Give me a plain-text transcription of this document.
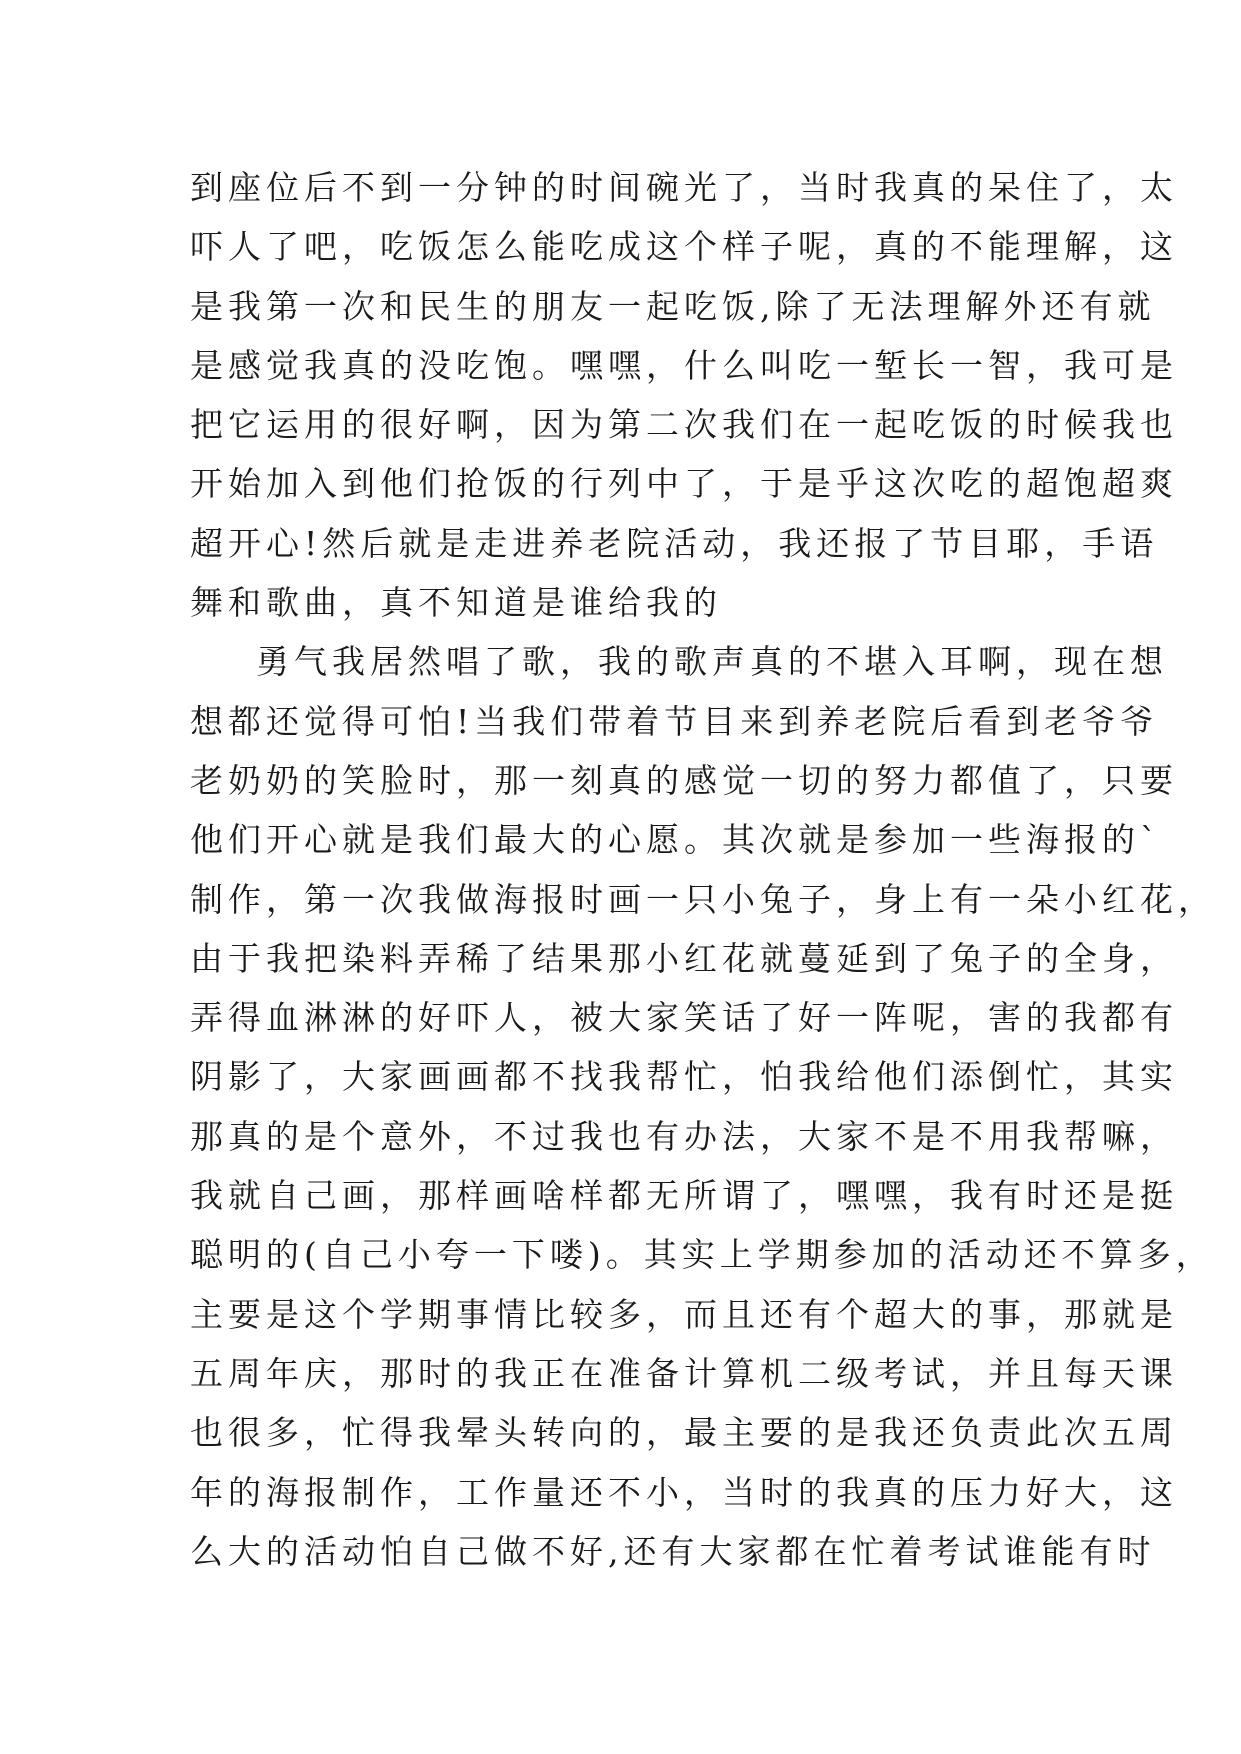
到座位后不到一分钟的时间碗光了，当时我真的呆住了，太
吓人了吧，吃饭怎么能吃成这个样子呢，真的不能理解，这
是我第一次和民生的朋友一起吃饭,除了无法理解外还有就
是感觉我真的没吃饱。嘿嘿，什么叫吃一堑长一智，我可是
把它运用的很好啊，因为第二次我们在一起吃饭的时候我也
开始加入到他们抢饭的行列中了，于是乎这次吃的超饱超爽
超开心!然后就是走进养老院活动，我还报了节目耶，手语
舞和歌曲，真不知道是谁给我的
勇气我居然唱了歌，我的歌声真的不堪入耳啊，现在想
想都还觉得可怕!当我们带着节目来到养老院后看到老爷爷
老奶奶的笑脸时，那一刻真的感觉一切的努力都值了，只要
他们开心就是我们最大的心愿。其次就是参加一些海报的`
制作，第一次我做海报时画一只小兔子，身上有一朵小红花，
由于我把染料弄稀了结果那小红花就蔓延到了兔子的全身，
弄得血淋淋的好吓人，被大家笑话了好一阵呢，害的我都有
阴影了，大家画画都不找我帮忙，怕我给他们添倒忙，其实
那真的是个意外，不过我也有办法，大家不是不用我帮嘛，
我就自己画，那样画啥样都无所谓了，嘿嘿，我有时还是挺
聪明的(自己小夸一下喽)。其实上学期参加的活动还不算多，
主要是这个学期事情比较多，而且还有个超大的事，那就是
五周年庆，那时的我正在准备计算机二级考试，并且每天课
也很多，忙得我晕头转向的，最主要的是我还负责此次五周
年的海报制作，工作量还不小，当时的我真的压力好大，这
么大的活动怕自己做不好,还有大家都在忙着考试谁能有时
